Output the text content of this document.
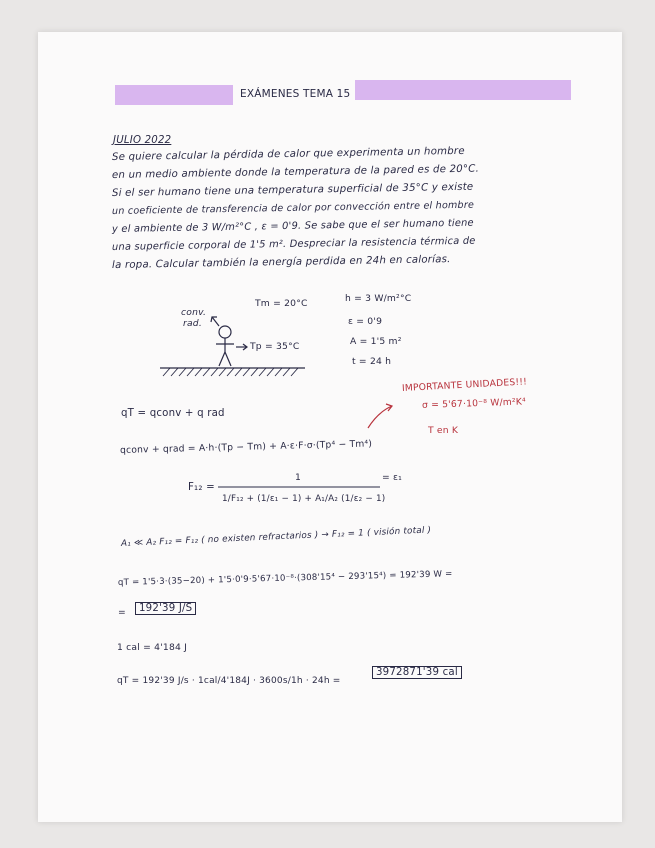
EXÁMENES TEMA 15
JULIO 2022
Se quiere calcular la pérdida de calor que experimenta un hombre
en un medio ambiente donde la temperatura de la pared es de 20°C.
Si el ser humano tiene una temperatura superficial de 35°C y existe
un coeficiente de transferencia de calor por convección entre el hombre
y el ambiente de 3 W/m²°C , ε = 0'9. Se sabe que el ser humano tiene
una superficie corporal de 1'5 m². Despreciar la resistencia térmica de
la ropa. Calcular también la energía perdida en 24h en calorías.
conv.
rad.
Tm = 20°C
Tp = 35°C
h = 3 W/m²°C
ε = 0'9
A = 1'5 m²
t = 24 h
IMPORTANTE UNIDADES!!!
σ = 5'67·10⁻⁸ W/m²K⁴
T en K
qT = qconv + q rad
qconv + qrad = A·h·(Tp − Tm) + A·ε·F·σ·(Tp⁴ − Tm⁴)
F₁₂ =
1	= ε₁
1/F₁₂ + (1/ε₁ − 1) + A₁/A₂ (1/ε₂ − 1)
A₁ ≪ A₂ F₁₂ = F₁₂ ( no existen refractarios ) → F₁₂ = 1 ( visión total )
qT = 1'5·3·(35−20) + 1'5·0'9·5'67·10⁻⁸·(308'15⁴ − 293'15⁴) = 192'39 W =
=	192'39 J/S
1 cal = 4'184 J
qT = 192'39 J/s · 1cal/4'184J · 3600s/1h · 24h =
3972871'39 cal
